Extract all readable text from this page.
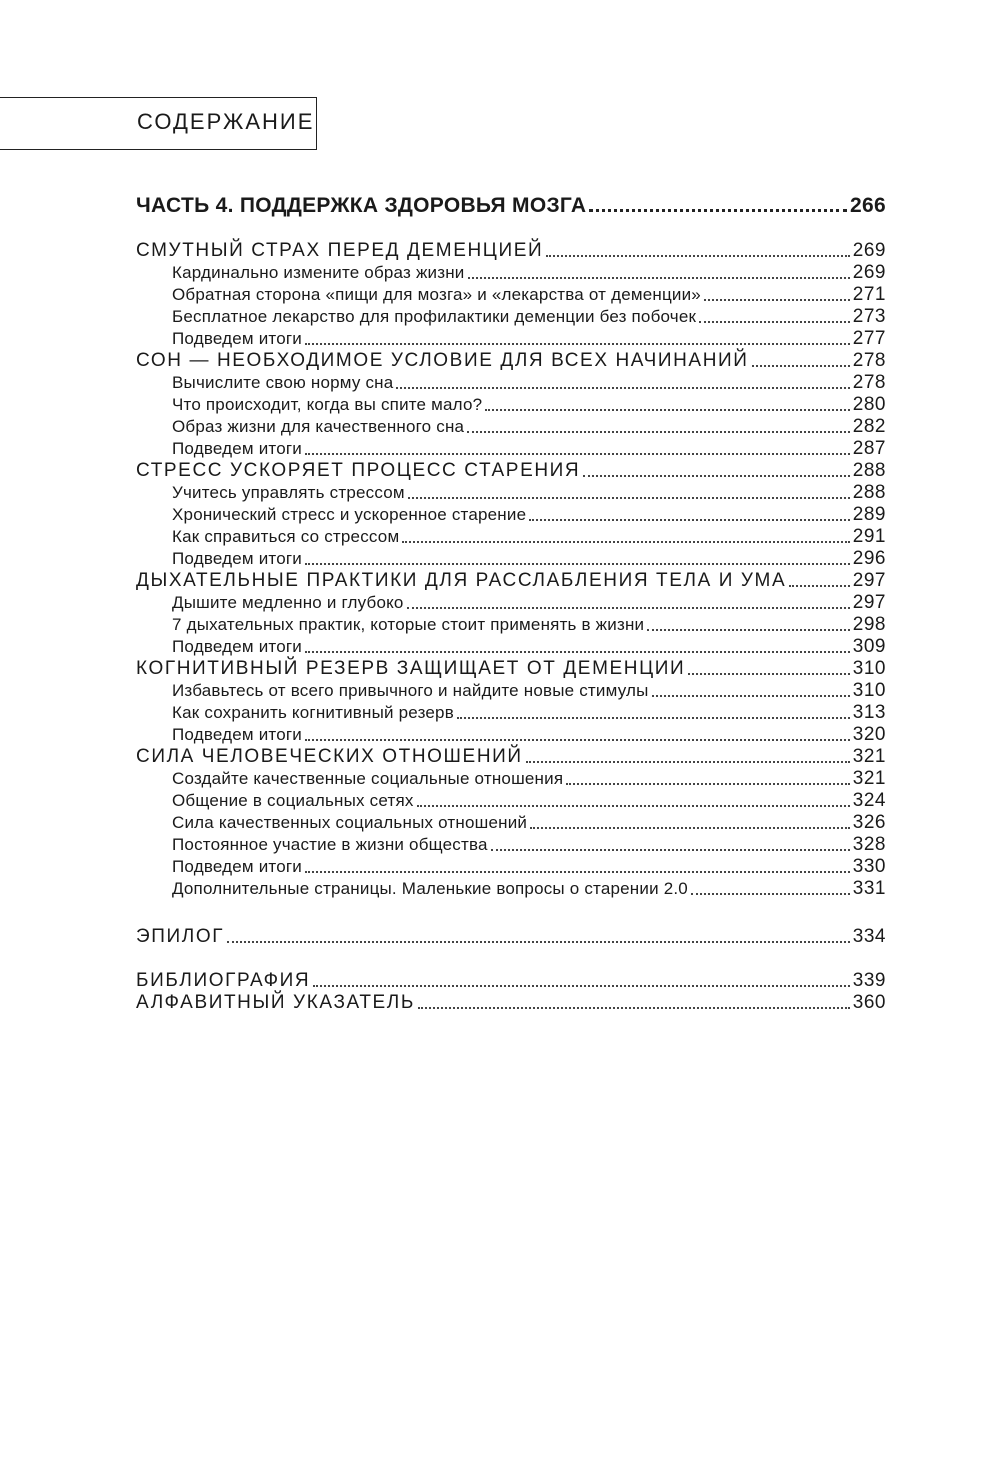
СОДЕРЖАНИЕ
ЧАСТЬ 4. ПОДДЕРЖКА ЗДОРОВЬЯ МОЗГА	266
СМУТНЫЙ СТРАХ ПЕРЕД ДЕМЕНЦИЕЙ	269
Кардинально измените образ жизни	269
Обратная сторона «пищи для мозга» и «лекарства от деменции»	271
Бесплатное лекарство для профилактики деменции без побочек	273
Подведем итоги	277
СОН — НЕОБХОДИМОЕ УСЛОВИЕ ДЛЯ ВСЕХ НАЧИНАНИЙ	278
Вычислите свою норму сна	278
Что происходит, когда вы спите мало?	280
Образ жизни для качественного сна	282
Подведем итоги	287
СТРЕСС УСКОРЯЕТ ПРОЦЕСС СТАРЕНИЯ	288
Учитесь управлять стрессом	288
Хронический стресс и ускоренное старение	289
Как справиться со стрессом	291
Подведем итоги	296
ДЫХАТЕЛЬНЫЕ ПРАКТИКИ ДЛЯ РАССЛАБЛЕНИЯ ТЕЛА И УМА	297
Дышите медленно и глубоко	297
7 дыхательных практик, которые стоит применять в жизни	298
Подведем итоги	309
КОГНИТИВНЫЙ РЕЗЕРВ ЗАЩИЩАЕТ ОТ ДЕМЕНЦИИ	310
Избавьтесь от всего привычного и найдите новые стимулы	310
Как сохранить когнитивный резерв	313
Подведем итоги	320
СИЛА ЧЕЛОВЕЧЕСКИХ ОТНОШЕНИЙ	321
Создайте качественные социальные отношения	321
Общение в социальных сетях	324
Сила качественных социальных отношений	326
Постоянное участие в жизни общества	328
Подведем итоги	330
Дополнительные страницы. Маленькие вопросы о старении 2.0	331
ЭПИЛОГ	334
БИБЛИОГРАФИЯ	339
АЛФАВИТНЫЙ УКАЗАТЕЛЬ	360
